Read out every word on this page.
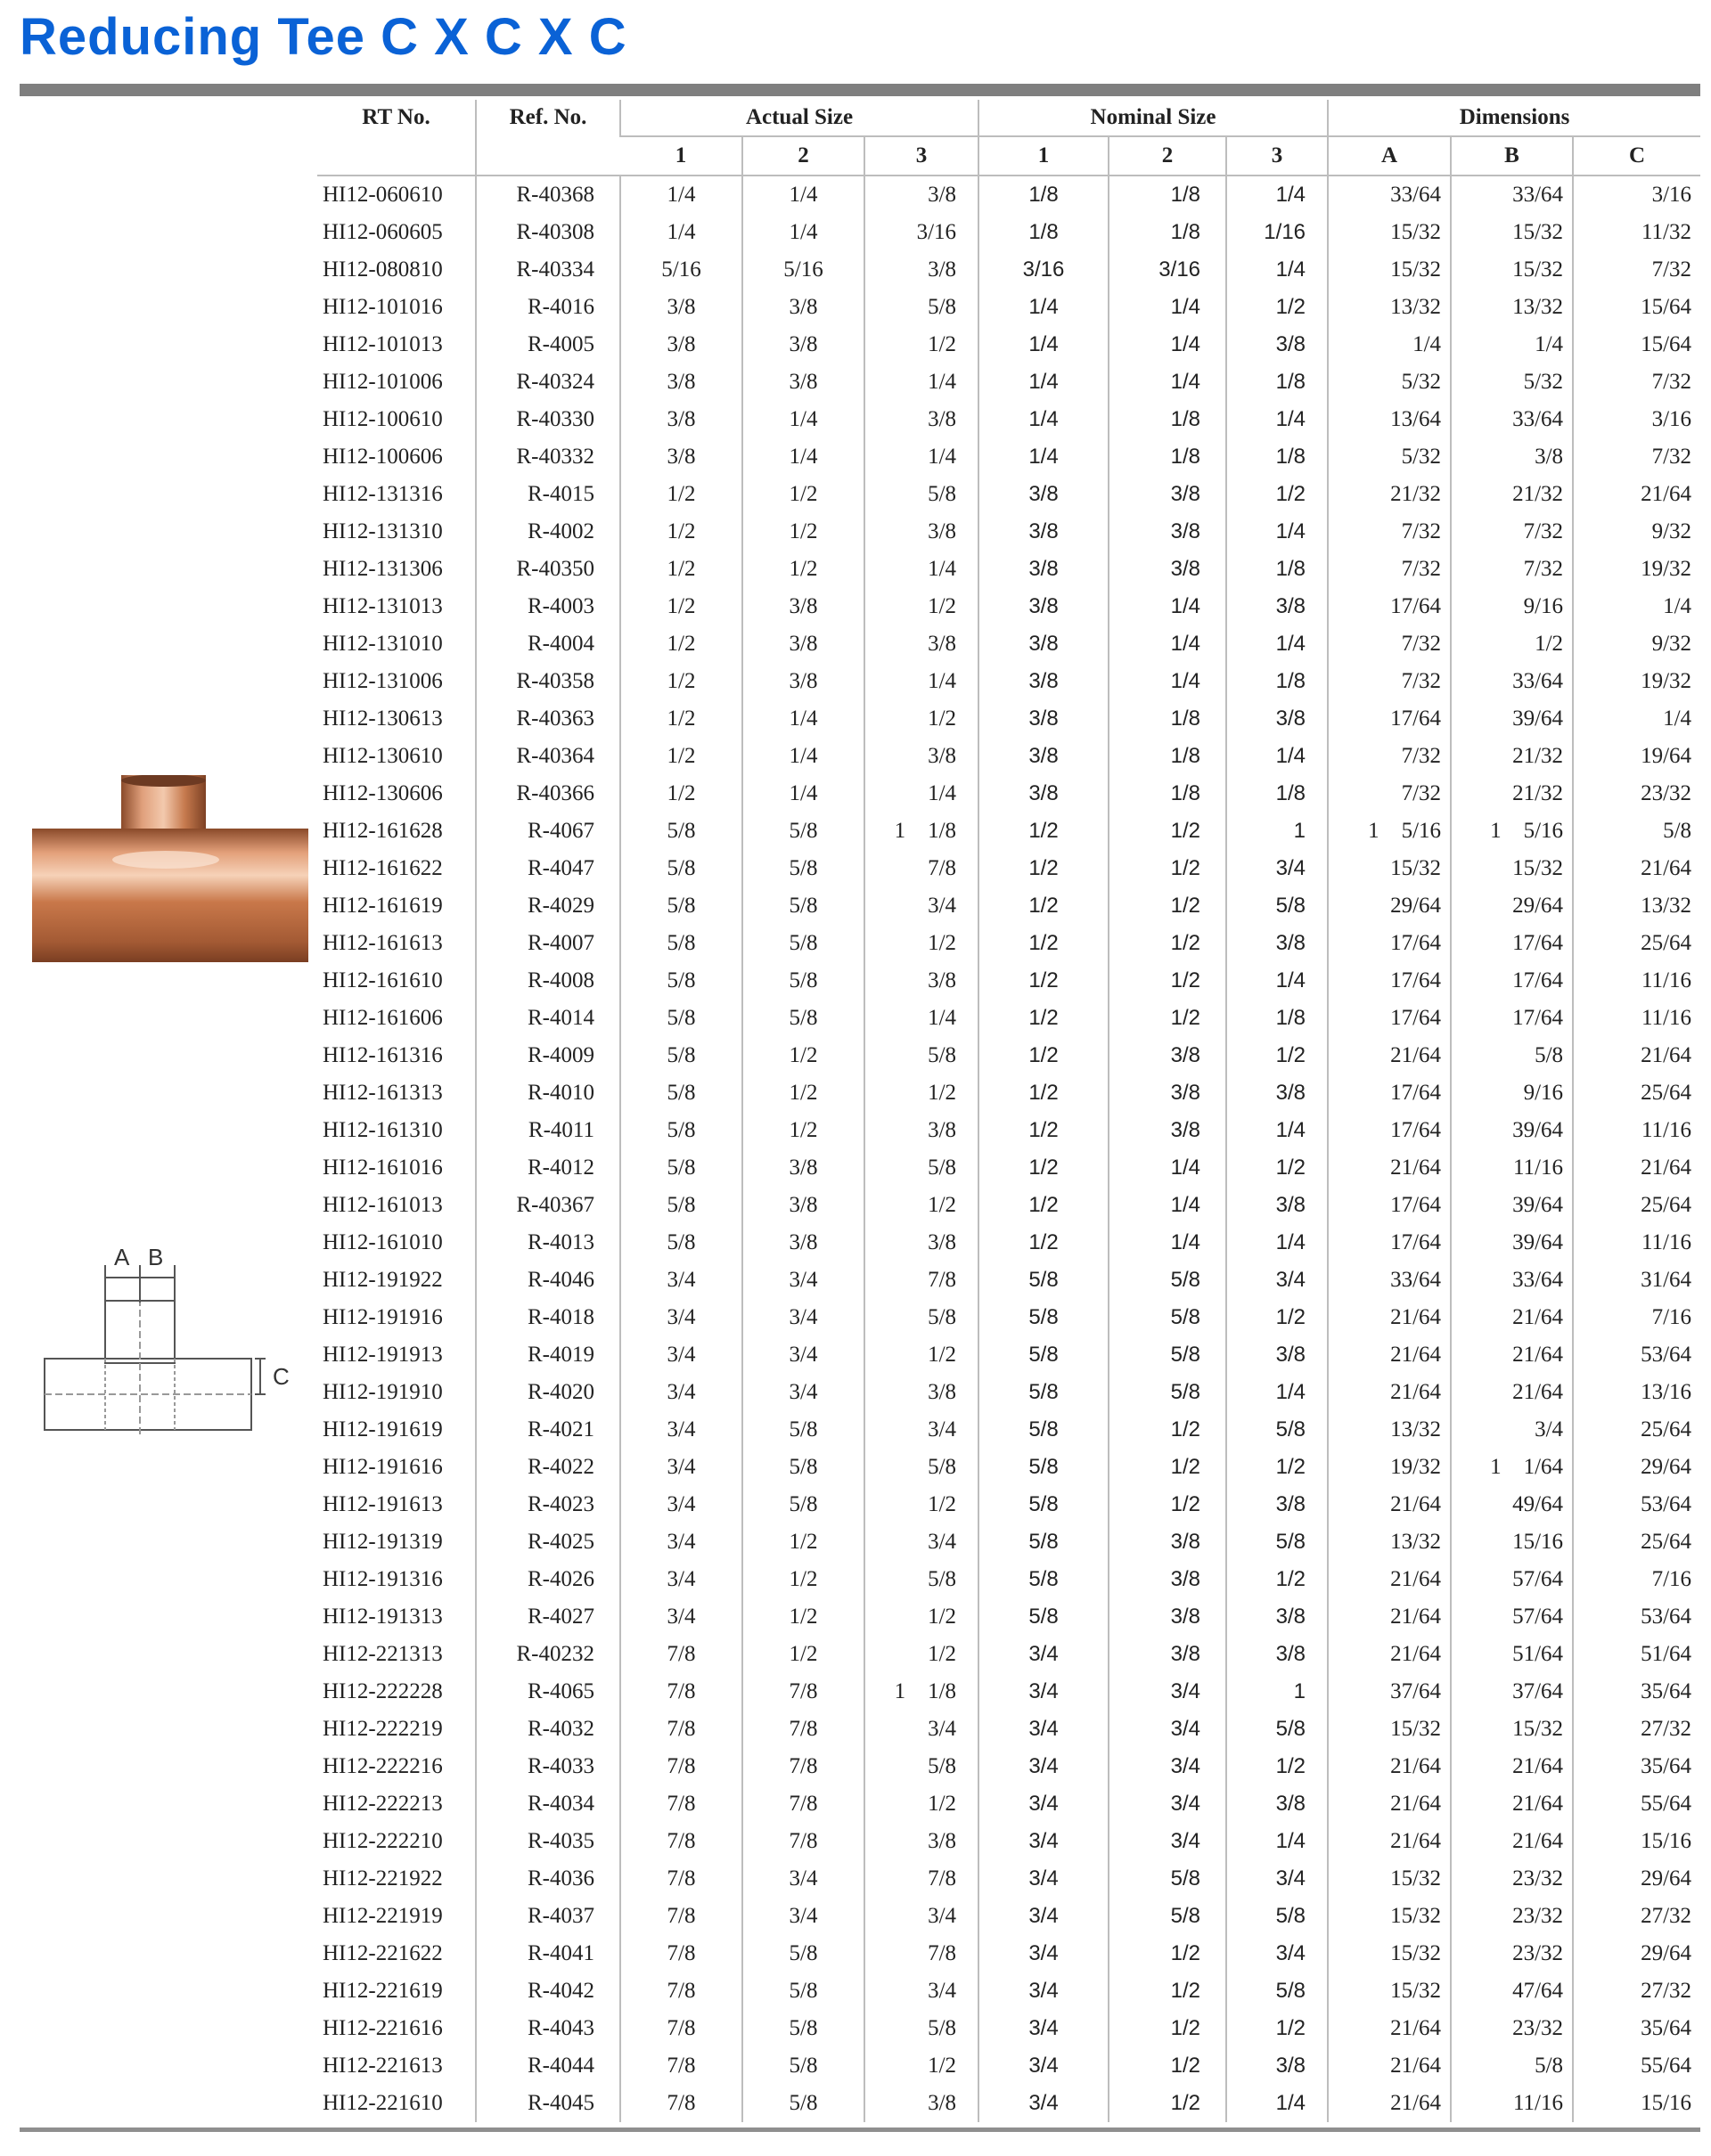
Reducing Tee C X C X C
A B
C
RT No.	Ref. No.	Actual Size			Nominal Size			Dimensions		
		1	2	3	1	2	3	A	B	C
HI12-060610	R-40368	1/4	1/4	3/8	1/8	1/8	1/4	33/64	33/64	3/16
HI12-060605	R-40308	1/4	1/4	3/16	1/8	1/8	1/16	15/32	15/32	11/32
HI12-080810	R-40334	5/16	5/16	3/8	3/16	3/16	1/4	15/32	15/32	7/32
HI12-101016	R-4016	3/8	3/8	5/8	1/4	1/4	1/2	13/32	13/32	15/64
HI12-101013	R-4005	3/8	3/8	1/2	1/4	1/4	3/8	1/4	1/4	15/64
HI12-101006	R-40324	3/8	3/8	1/4	1/4	1/4	1/8	5/32	5/32	7/32
HI12-100610	R-40330	3/8	1/4	3/8	1/4	1/8	1/4	13/64	33/64	3/16
HI12-100606	R-40332	3/8	1/4	1/4	1/4	1/8	1/8	5/32	3/8	7/32
HI12-131316	R-4015	1/2	1/2	5/8	3/8	3/8	1/2	21/32	21/32	21/64
HI12-131310	R-4002	1/2	1/2	3/8	3/8	3/8	1/4	7/32	7/32	9/32
HI12-131306	R-40350	1/2	1/2	1/4	3/8	3/8	1/8	7/32	7/32	19/32
HI12-131013	R-4003	1/2	3/8	1/2	3/8	1/4	3/8	17/64	9/16	1/4
HI12-131010	R-4004	1/2	3/8	3/8	3/8	1/4	1/4	7/32	1/2	9/32
HI12-131006	R-40358	1/2	3/8	1/4	3/8	1/4	1/8	7/32	33/64	19/32
HI12-130613	R-40363	1/2	1/4	1/2	3/8	1/8	3/8	17/64	39/64	1/4
HI12-130610	R-40364	1/2	1/4	3/8	3/8	1/8	1/4	7/32	21/32	19/64
HI12-130606	R-40366	1/2	1/4	1/4	3/8	1/8	1/8	7/32	21/32	23/32
HI12-161628	R-4067	5/8	5/8	1    1/8	1/2	1/2	1	1    5/16	1    5/16	5/8
HI12-161622	R-4047	5/8	5/8	7/8	1/2	1/2	3/4	15/32	15/32	21/64
HI12-161619	R-4029	5/8	5/8	3/4	1/2	1/2	5/8	29/64	29/64	13/32
HI12-161613	R-4007	5/8	5/8	1/2	1/2	1/2	3/8	17/64	17/64	25/64
HI12-161610	R-4008	5/8	5/8	3/8	1/2	1/2	1/4	17/64	17/64	11/16
HI12-161606	R-4014	5/8	5/8	1/4	1/2	1/2	1/8	17/64	17/64	11/16
HI12-161316	R-4009	5/8	1/2	5/8	1/2	3/8	1/2	21/64	5/8	21/64
HI12-161313	R-4010	5/8	1/2	1/2	1/2	3/8	3/8	17/64	9/16	25/64
HI12-161310	R-4011	5/8	1/2	3/8	1/2	3/8	1/4	17/64	39/64	11/16
HI12-161016	R-4012	5/8	3/8	5/8	1/2	1/4	1/2	21/64	11/16	21/64
HI12-161013	R-40367	5/8	3/8	1/2	1/2	1/4	3/8	17/64	39/64	25/64
HI12-161010	R-4013	5/8	3/8	3/8	1/2	1/4	1/4	17/64	39/64	11/16
HI12-191922	R-4046	3/4	3/4	7/8	5/8	5/8	3/4	33/64	33/64	31/64
HI12-191916	R-4018	3/4	3/4	5/8	5/8	5/8	1/2	21/64	21/64	7/16
HI12-191913	R-4019	3/4	3/4	1/2	5/8	5/8	3/8	21/64	21/64	53/64
HI12-191910	R-4020	3/4	3/4	3/8	5/8	5/8	1/4	21/64	21/64	13/16
HI12-191619	R-4021	3/4	5/8	3/4	5/8	1/2	5/8	13/32	3/4	25/64
HI12-191616	R-4022	3/4	5/8	5/8	5/8	1/2	1/2	19/32	1    1/64	29/64
HI12-191613	R-4023	3/4	5/8	1/2	5/8	1/2	3/8	21/64	49/64	53/64
HI12-191319	R-4025	3/4	1/2	3/4	5/8	3/8	5/8	13/32	15/16	25/64
HI12-191316	R-4026	3/4	1/2	5/8	5/8	3/8	1/2	21/64	57/64	7/16
HI12-191313	R-4027	3/4	1/2	1/2	5/8	3/8	3/8	21/64	57/64	53/64
HI12-221313	R-40232	7/8	1/2	1/2	3/4	3/8	3/8	21/64	51/64	51/64
HI12-222228	R-4065	7/8	7/8	1    1/8	3/4	3/4	1	37/64	37/64	35/64
HI12-222219	R-4032	7/8	7/8	3/4	3/4	3/4	5/8	15/32	15/32	27/32
HI12-222216	R-4033	7/8	7/8	5/8	3/4	3/4	1/2	21/64	21/64	35/64
HI12-222213	R-4034	7/8	7/8	1/2	3/4	3/4	3/8	21/64	21/64	55/64
HI12-222210	R-4035	7/8	7/8	3/8	3/4	3/4	1/4	21/64	21/64	15/16
HI12-221922	R-4036	7/8	3/4	7/8	3/4	5/8	3/4	15/32	23/32	29/64
HI12-221919	R-4037	7/8	3/4	3/4	3/4	5/8	5/8	15/32	23/32	27/32
HI12-221622	R-4041	7/8	5/8	7/8	3/4	1/2	3/4	15/32	23/32	29/64
HI12-221619	R-4042	7/8	5/8	3/4	3/4	1/2	5/8	15/32	47/64	27/32
HI12-221616	R-4043	7/8	5/8	5/8	3/4	1/2	1/2	21/64	23/32	35/64
HI12-221613	R-4044	7/8	5/8	1/2	3/4	1/2	3/8	21/64	5/8	55/64
HI12-221610	R-4045	7/8	5/8	3/8	3/4	1/2	1/4	21/64	11/16	15/16
